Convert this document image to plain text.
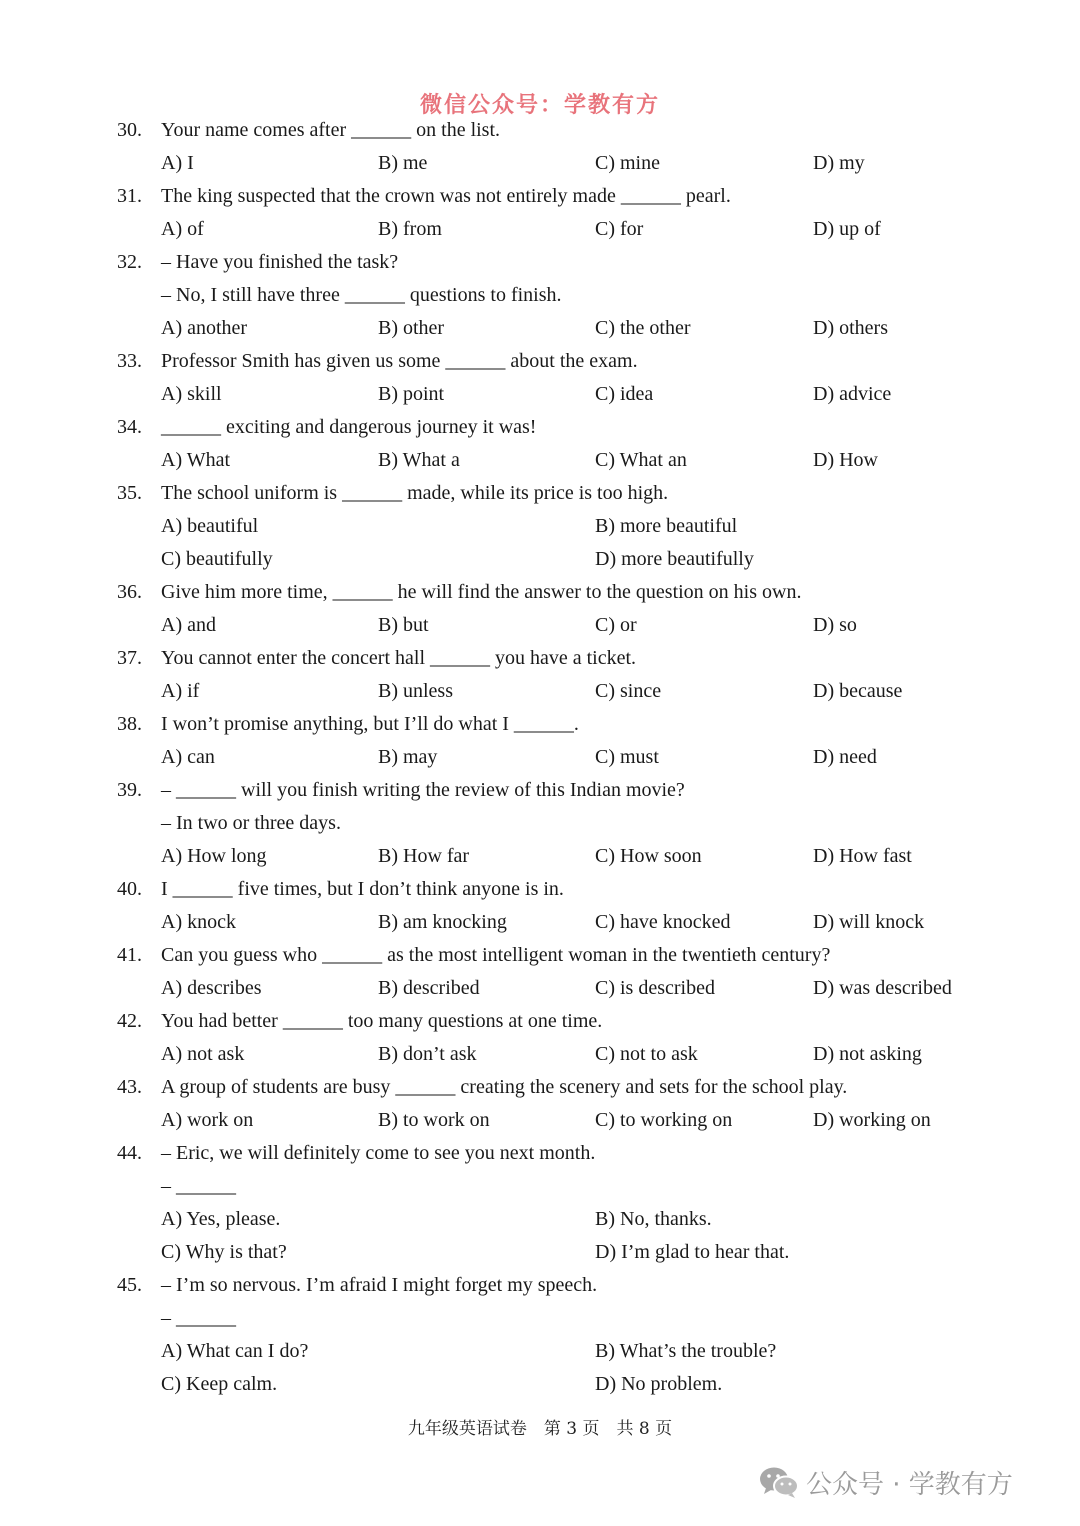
微信公众号：学教有方
30. Your name comes after ______ on the list.
A) I	B) me	C) mine	D) my
31. The king suspected that the crown was not entirely made ______ pearl.
A) of	B) from	C) for	D) up of
32. – Have you finished the task?
– No, I still have three ______ questions to finish.
A) another	B) other	C) the other	D) others
33. Professor Smith has given us some ______ about the exam.
A) skill	B) point	C) idea	D) advice
34. ______ exciting and dangerous journey it was!
A) What	B) What a	C) What an	D) How
35. The school uniform is ______ made, while its price is too high.
A) beautiful	B) more beautiful
C) beautifully	D) more beautifully
36. Give him more time, ______ he will find the answer to the question on his own.
A) and	B) but	C) or	D) so
37. You cannot enter the concert hall ______ you have a ticket.
A) if	B) unless	C) since	D) because
38. I won’t promise anything, but I’ll do what I ______.
A) can	B) may	C) must	D) need
39. – ______ will you finish writing the review of this Indian movie?
– In two or three days.
A) How long	B) How far	C) How soon	D) How fast
40. I ______ five times, but I don’t think anyone is in.
A) knock	B) am knocking	C) have knocked	D) will knock
41. Can you guess who ______ as the most intelligent woman in the twentieth century?
A) describes	B) described	C) is described	D) was described
42. You had better ______ too many questions at one time.
A) not ask	B) don’t ask	C) not to ask	D) not asking
43. A group of students are busy ______ creating the scenery and sets for the school play.
A) work on	B) to work on	C) to working on	D) working on
44. – Eric, we will definitely come to see you next month.
– ______
A) Yes, please.	B) No, thanks.
C) Why is that?	D) I’m glad to hear that.
45. – I’m so nervous. I’m afraid I might forget my speech.
– ______
A) What can I do?	B) What’s the trouble?
C) Keep calm.	D) No problem.
九年级英语试卷　第 3 页　共 8 页
公众号 · 学教有方
